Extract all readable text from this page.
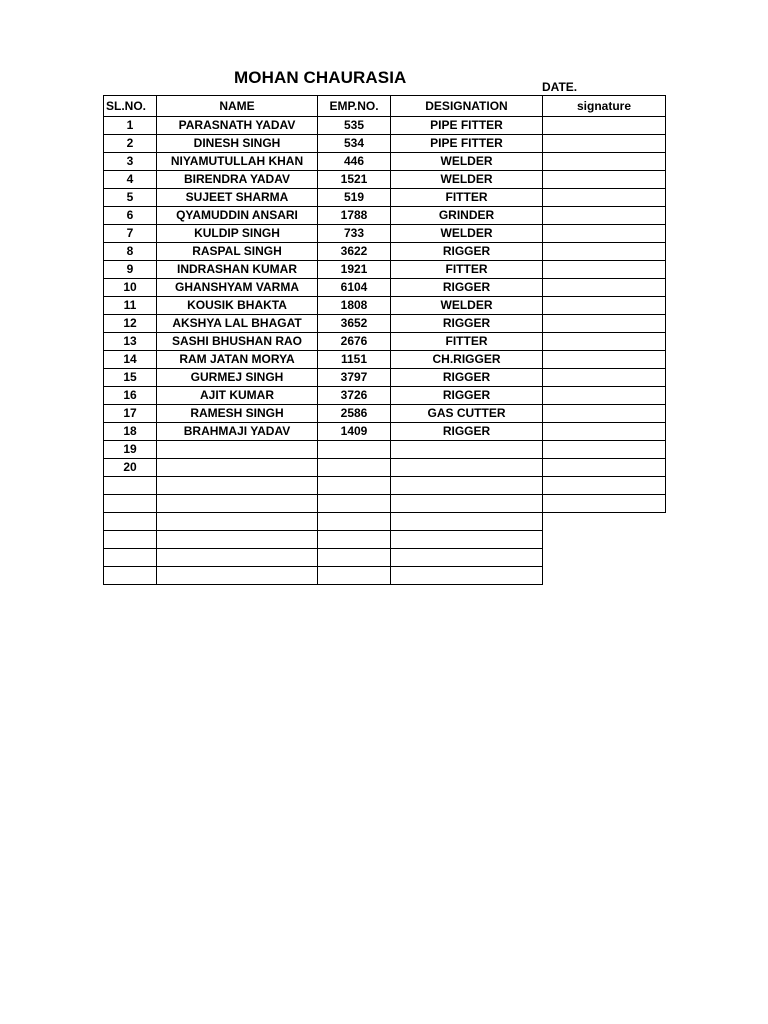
MOHAN CHAURASIA	DATE.
SL.NO.	NAME	EMP.NO.	DESIGNATION	signature
1	PARASNATH YADAV	535	PIPE FITTER	
2	DINESH SINGH	534	PIPE FITTER	
3	NIYAMUTULLAH KHAN	446	WELDER	
4	BIRENDRA YADAV	1521	WELDER	
5	SUJEET SHARMA	519	FITTER	
6	QYAMUDDIN ANSARI	1788	GRINDER	
7	KULDIP SINGH	733	WELDER	
8	RASPAL SINGH	3622	RIGGER	
9	INDRASHAN KUMAR	1921	FITTER	
10	GHANSHYAM VARMA	6104	RIGGER	
11	KOUSIK BHAKTA	1808	WELDER	
12	AKSHYA LAL BHAGAT	3652	RIGGER	
13	SASHI BHUSHAN RAO	2676	FITTER	
14	RAM JATAN MORYA	1151	CH.RIGGER	
15	GURMEJ SINGH	3797	RIGGER	
16	AJIT KUMAR	3726	RIGGER	
17	RAMESH SINGH	2586	GAS CUTTER	
18	BRAHMAJI YADAV	1409	RIGGER	
19				
20				
